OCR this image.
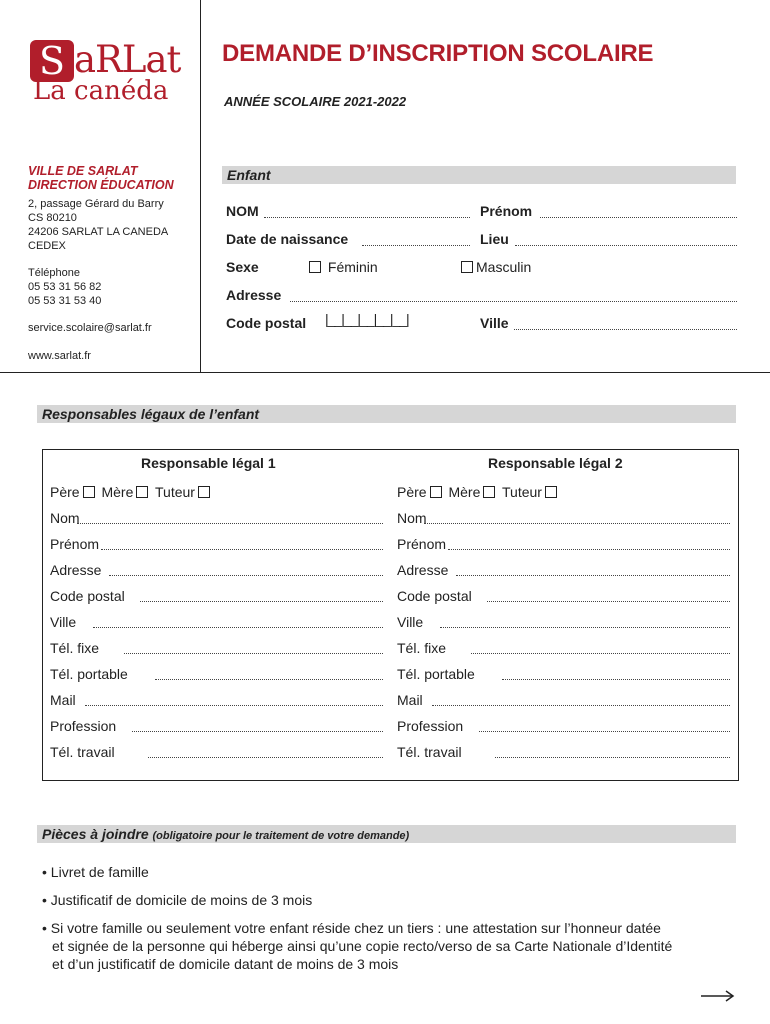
S aRLat
La canéda
DEMANDE D’INSCRIPTION SCOLAIRE
ANNÉE SCOLAIRE 2021-2022
VILLE DE SARLAT
DIRECTION ÉDUCATION
2, passage Gérard du Barry
CS 80210
24206 SARLAT LA CANEDA
CEDEX
Téléphone
05 53 31 56 82
05 53 31 53 40
service.scolaire@sarlat.fr
www.sarlat.fr
Enfant
NOM	Prénom
Date de naissance	Lieu
Sexe	Féminin	Masculin
Adresse
Code postal |__|__|__|__|__|	Ville
Responsables légaux de l’enfant
Responsable légal 1	Responsable légal 2
Père Mère Tuteur	Père Mère Tuteur
Nom	Nom
Prénom	Prénom
Adresse	Adresse
Code postal	Code postal
Ville	Ville
Tél. fixe	Tél. fixe
Tél. portable	Tél. portable
Mail	Mail
Profession	Profession
Tél. travail	Tél. travail
Pièces à joindre (obligatoire pour le traitement de votre demande)
• Livret de famille
• Justificatif de domicile de moins de 3 mois
• Si votre famille ou seulement votre enfant réside chez un tiers : une attestation sur l’honneur datée
et signée de la personne qui héberge ainsi qu’une copie recto/verso de sa Carte Nationale d’Identité
et d’un justificatif de domicile datant de moins de 3 mois
